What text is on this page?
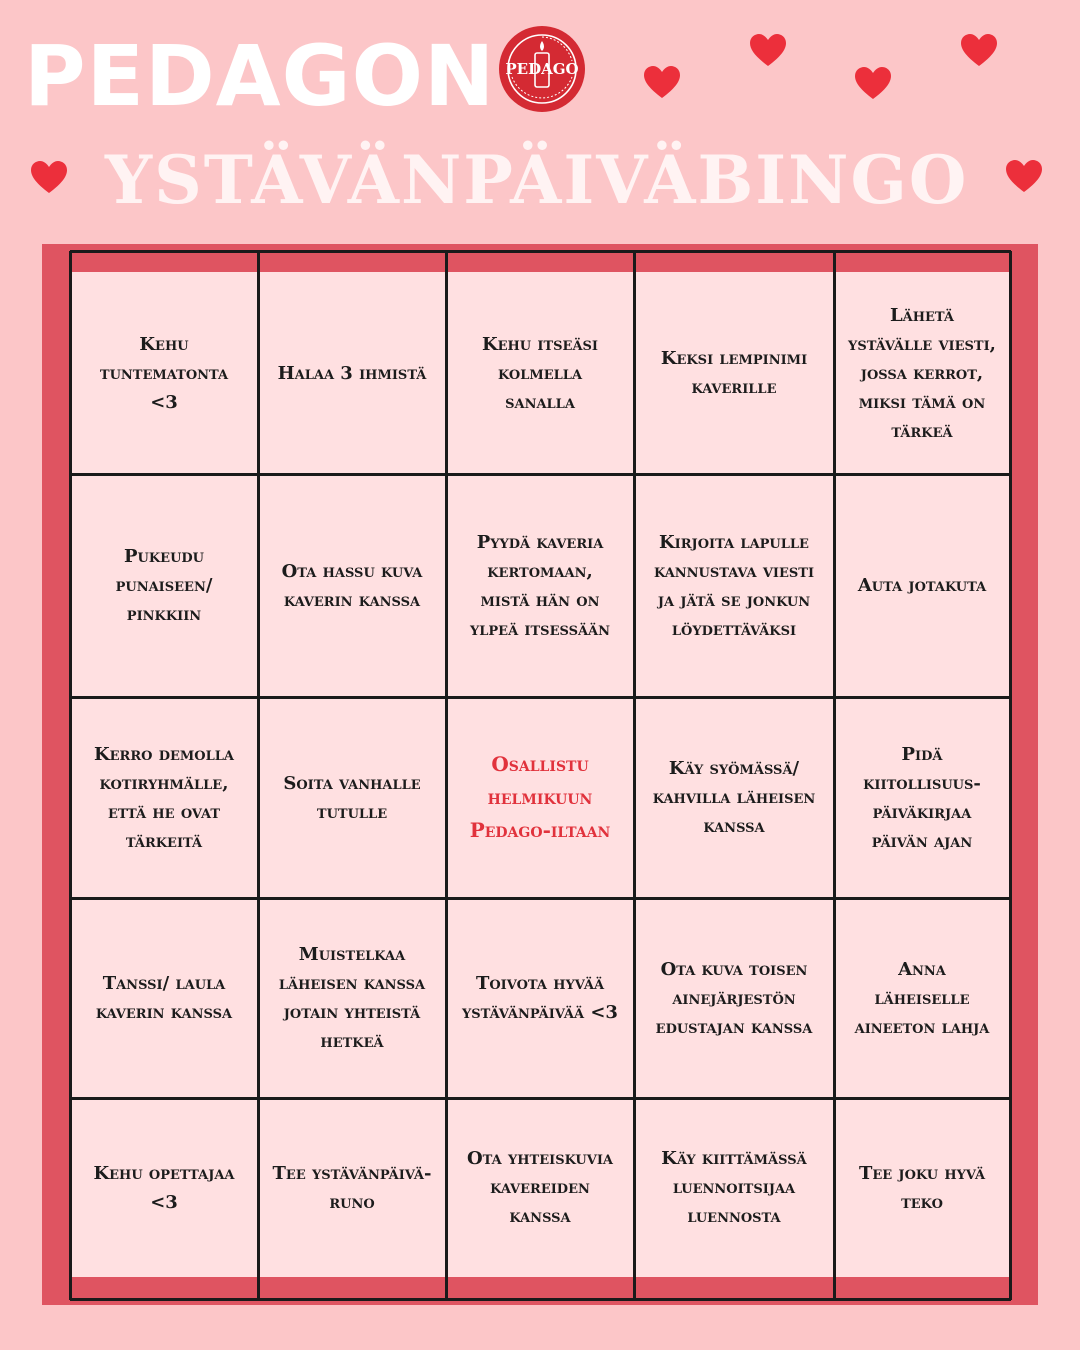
PEDAGON PEDAGO
YSTÄVÄNPÄIVÄBINGO
Kehu tuntematonta <3
Halaa 3 ihmistä
Kehu itseäsi kolmella sanalla
Keksi lempinimi kaverille
Lähetä ystävälle viesti, jossa kerrot, miksi tämä on tärkeä
Pukeudu punaiseen/ pinkkiin
Ota hassu kuva kaverin kanssa
Pyydä kaveria kertomaan, mistä hän on ylpeä itsessään
Kirjoita lapulle kannustava viesti ja jätä se jonkun löydettäväksi
Auta jotakuta
Kerro demolla kotiryhmälle, että he ovat tärkeitä
Soita vanhalle tutulle
Osallistu helmikuun Pedago-iltaan
Käy syömässä/ kahvilla läheisen kanssa
Pidä kiitollisuus-päiväkirjaa päivän ajan
Tanssi/ laula kaverin kanssa
Muistelkaa läheisen kanssa jotain yhteistä hetkeä
Toivota hyvää ystävänpäivää <3
Ota kuva toisen ainejärjestön edustajan kanssa
Anna läheiselle aineeton lahja
Kehu opettajaa <3
Tee ystävänpäivä-runo
Ota yhteiskuvia kavereiden kanssa
Käy kiittämässä luennoitsijaa luennosta
Tee joku hyvä teko
